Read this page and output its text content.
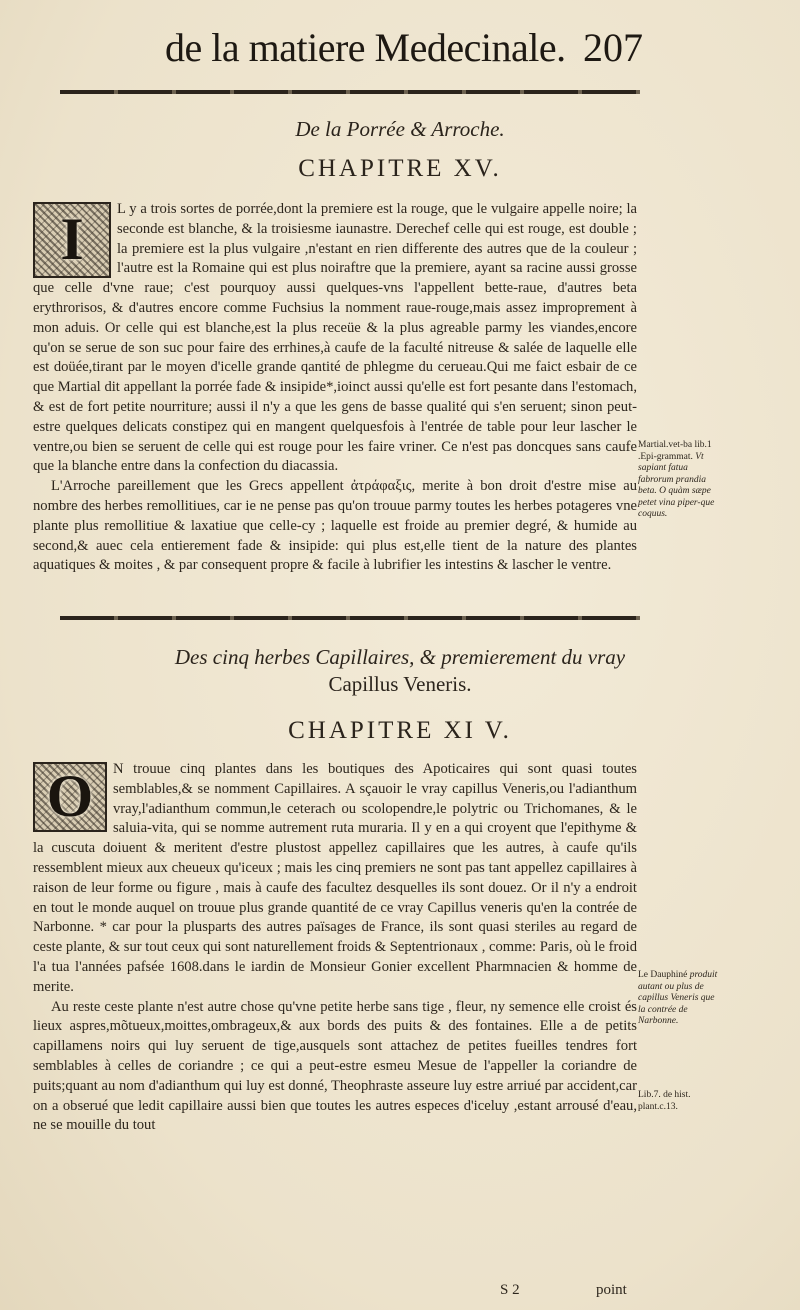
de la matiere Medecinale. 207
De la Porrée & Arroche.
CHAPITRE XV.
I	L y a trois sortes de porrée,dont la premiere est la rouge, que le vulgaire appelle noire; la seconde est blanche, & la troisiesme iaunastre. Derechef celle qui est rouge, est double ; la premiere est la plus vulgaire ,n'estant en rien differente des autres que de la couleur ; l'autre est la Romaine qui est plus noiraftre que la premiere, ayant sa racine aussi grosse que celle d'vne raue; c'est pourquoy aussi quelques-vns l'appellent bette-raue, d'autres beta erythrorisos, & d'autres encore comme Fuchsius la nomment raue-rouge,mais assez improprement à mon aduis. Or celle qui est blanche,est la plus receüe & la plus agreable parmy les viandes,encore qu'on se serue de son suc pour faire des errhines,à caufe de la faculté nitreuse & salée de laquelle elle est doüée,tirant par le moyen d'icelle grande qantité de phlegme du cerueau.Qui me faict esbair de ce que Martial dit appellant la porrée fade & insipide*,ioinct aussi qu'elle est fort pesante dans l'estomach, & est de fort petite nourriture; aussi il n'y a que les gens de basse qualité qui s'en seruent; sinon peut-estre quelques delicats constipez qui en mangent quelquesfois à l'entrée de table pour leur lascher le ventre,ou bien se seruent de celle qui est rouge pour les faire vriner. Ce n'est pas doncques sans caufe que la blanche entre dans la confection du diacassia.

L'Arroche pareillement que les Grecs appellent ἀτράφαξις, merite à bon droit d'estre mise au nombre des herbes remollitiues, car ie ne pense pas qu'on trouue parmy toutes les herbes potageres vne plante plus remollitiue & laxatiue que celle-cy ; laquelle est froide au premier degré, & humide au second,& auec cela entierement fade & insipide: qui plus est,elle tient de la nature des plantes aquatiques & moites , & par consequent propre & facile à lubrifier les intestins & lascher le ventre.

Martial.vet-ba lib.1 .Epi-grammat. Vt sapiant fatua fabrorum prandia beta. O quàm sæpe petet vina piper-que coquus.
Des cinq herbes Capillaires, & premierement du vray
Capillus Veneris.
CHAPITRE XI V.
O	N trouue cinq plantes dans les boutiques des Apoticaires qui sont quasi toutes semblables,& se nomment Capillaires. A sçauoir le vray capillus Veneris,ou l'adianthum vray,l'adianthum commun,le ceterach ou scolopendre,le polytric ou Trichomanes, & le saluia-vita, qui se nomme autrement ruta muraria. Il y en a qui croyent que l'epithyme & la cuscuta doiuent & meritent d'estre plustost appellez capillaires que les autres, à caufe qu'ils ressemblent mieux aux cheueux qu'iceux ; mais les cinq premiers ne sont pas tant appellez capillaires à raison de leur forme ou figure , mais à caufe des facultez desquelles ils sont douez. Or il n'y a endroit en tout le monde auquel on trouue plus grande quantité de ce vray Capillus veneris qu'en la contrée de Narbonne. * car pour la plusparts des autres païsages de France, ils sont quasi steriles au regard de ceste plante, & sur tout ceux qui sont naturellement froids & Septentrionaux , comme: Paris, où le froid l'a tua l'années pafsée 1608.dans le iardin de Monsieur Gonier excellent Pharmnacien & homme de merite.

Au reste ceste plante n'est autre chose qu'vne petite herbe sans tige , fleur, ny semence elle croist és lieux aspres,mõtueux,moittes,ombrageux,& aux bords des puits & des fontaines. Elle a de petits capillamens noirs qui luy seruent de tige,ausquels sont attachez de petites fueilles tendres fort semblables à celles de coriandre ; ce qui a peut-estre esmeu Mesue de l'appeller la coriandre de puits;quant au nom d'adianthum qui luy est donné, Theophraste asseure luy estre arriué par accident,car on a obserué que ledit capillaire aussi bien que toutes les autres especes d'iceluy ,estant arrousé d'eau, ne se mouille du tout

Le Dauphiné produit autant ou plus de capillus Veneris que la contrée de Narbonne.
Lib.7. de hist. plant.c.13.
S 2	point
